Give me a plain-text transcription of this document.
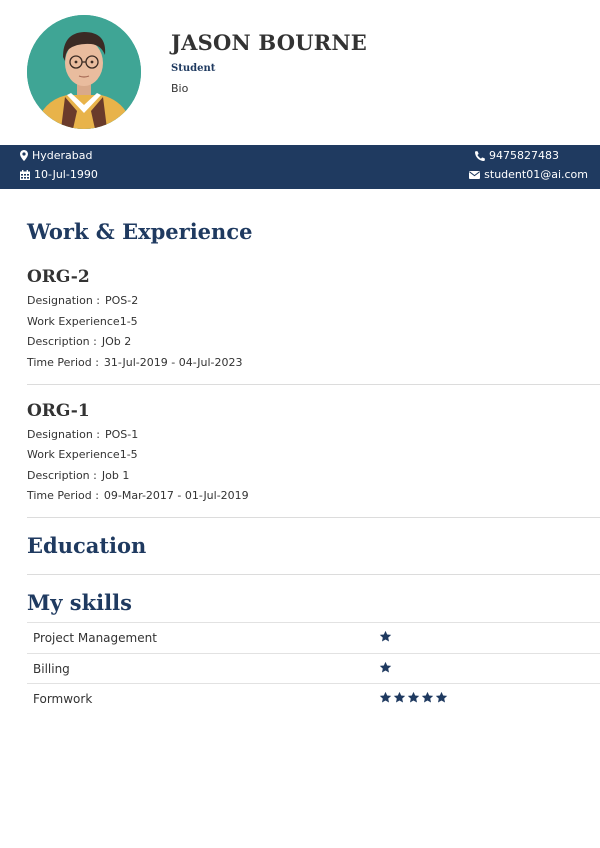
JASON BOURNE
Student
Bio
Hyderabad
10-Jul-1990
9475827483
student01@ai.com
Work & Experience
ORG-2
Designation : POS-2
Work Experience1-5
Description : JOb 2
Time Period : 31-Jul-2019 - 04-Jul-2023
ORG-1
Designation : POS-1
Work Experience1-5
Description : Job 1
Time Period : 09-Mar-2017 - 01-Jul-2019
Education
My skills
Project Management
Billing
Formwork
